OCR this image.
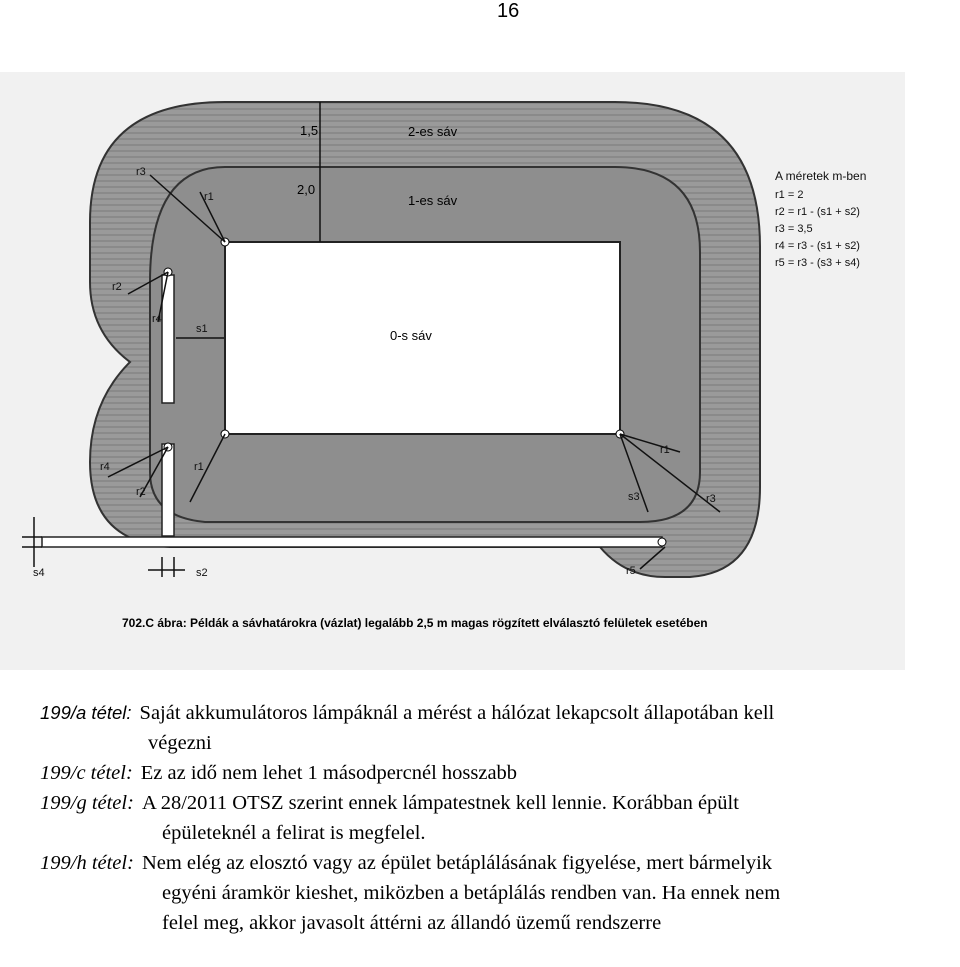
16
2-es sáv
1-es sáv
0-s sáv
1,5
2,0
r3
r1
r2
r4
s1
r4
r2
r1
r1
s3	r3
s4	s2	r5
A méretek m-ben
r1 = 2
r2 = r1 - (s1 + s2)
r3 = 3,5
r4 = r3 - (s1 + s2)
r5 = r3 - (s3 + s4)
702.C ábra: Példák a sávhatárokra (vázlat) legalább 2,5 m magas rögzített elválasztó felületek esetében
199/a tétel: Saját akkumulátoros lámpáknál a mérést a hálózat lekapcsolt állapotában kell
végezni
199/c tétel: Ez az idő nem lehet 1 másodpercnél hosszabb
199/g tétel: A 28/2011 OTSZ szerint ennek lámpatestnek kell lennie. Korábban épült
épületeknél a felirat is megfelel.
199/h tétel: Nem elég az elosztó vagy az épület betáplálásának figyelése, mert bármelyik
egyéni áramkör kieshet, miközben a betáplálás rendben van. Ha ennek nem
felel meg, akkor javasolt áttérni az állandó üzemű rendszerre
